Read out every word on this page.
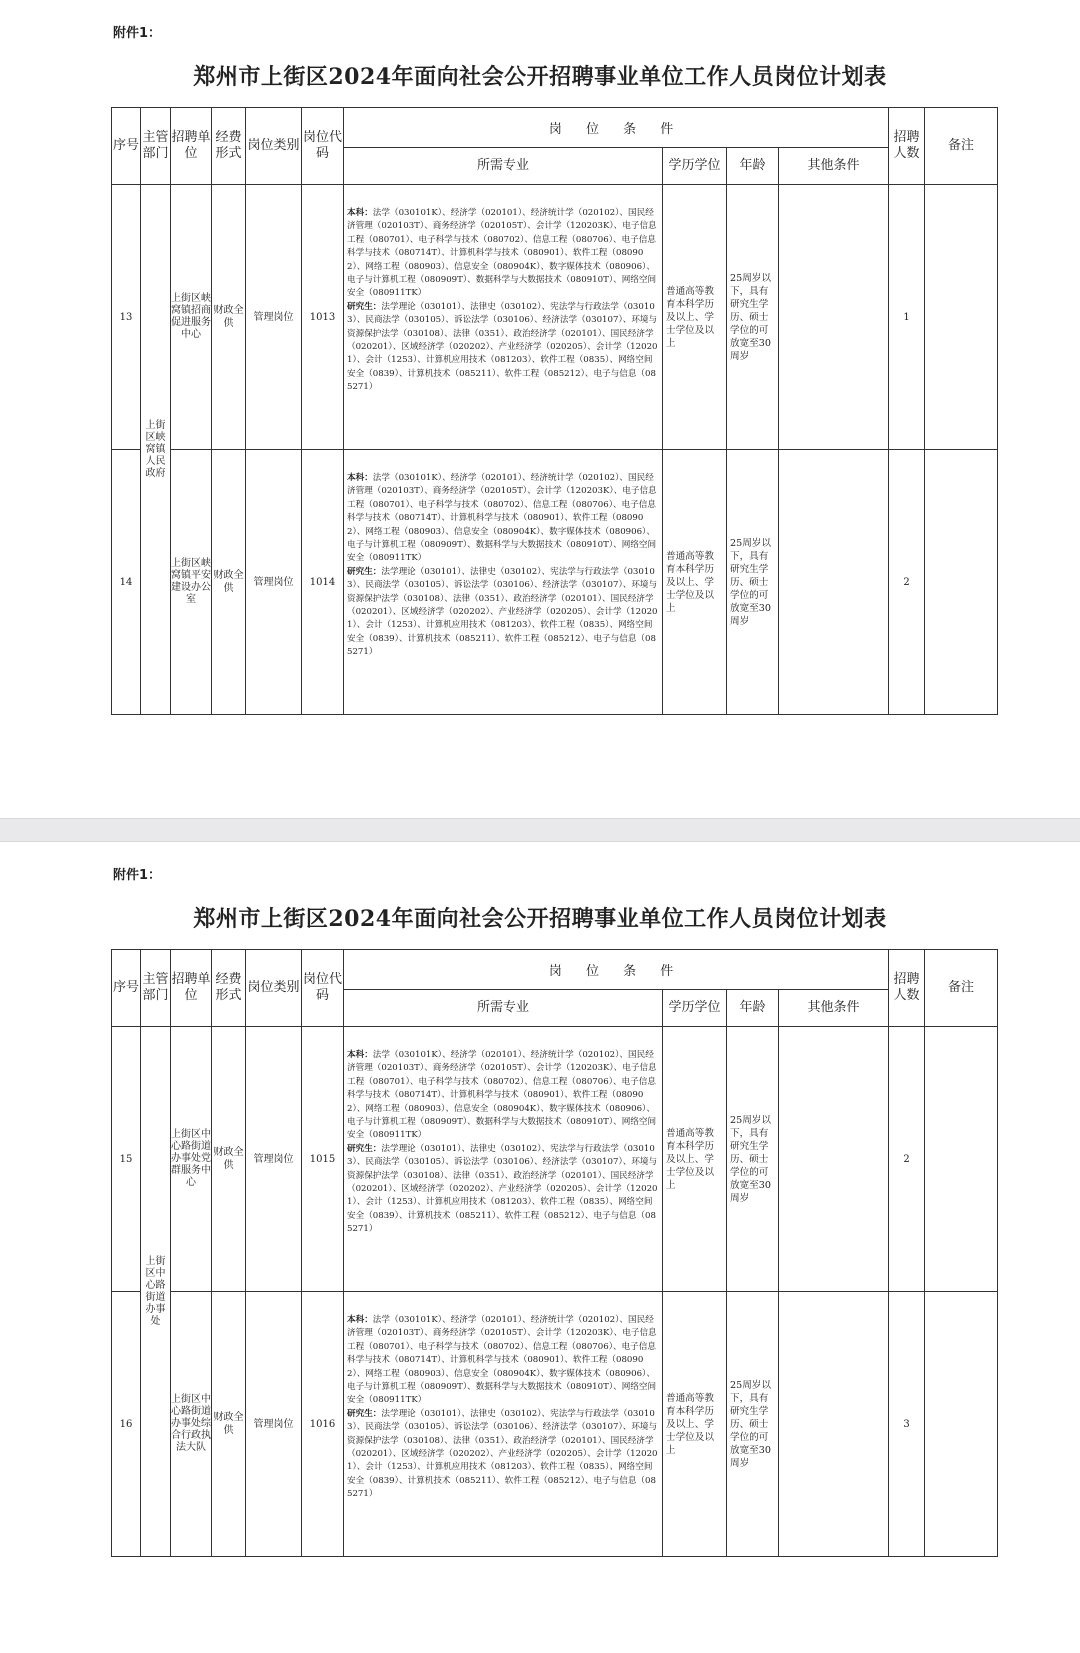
附件1：
郑州市上街区2024年面向社会公开招聘事业单位工作人员岗位计划表
序号	主管部门	招聘单位	经费形式	岗位类别	岗位代码	岗 位 条 件				招聘人数	备注
						所需专业	学历学位	年龄	其他条件		
13	上街区峡窝镇人民政府	上街区峡窝镇招商促进服务中心	财政全供	管理岗位	1013	本科：法学（030101K）、经济学（020101）、经济统计学（020102）、国民经济管理（020103T）、商务经济学（020105T）、会计学（120203K）、电子信息工程（080701）、电子科学与技术（080702）、信息工程（080706）、电子信息科学与技术（080714T）、计算机科学与技术（080901）、软件工程（080902）、网络工程（080903）、信息安全（080904K）、数字媒体技术（080906）、电子与计算机工程（080909T）、数据科学与大数据技术（080910T）、网络空间安全（080911TK）
研究生：法学理论（030101）、法律史（030102）、宪法学与行政法学（030103）、民商法学（030105）、诉讼法学（030106）、经济法学（030107）、环境与资源保护法学（030108）、法律（0351）、政治经济学（020101）、国民经济学（020201）、区域经济学（020202）、产业经济学（020205）、会计学（120201）、会计（1253）、计算机应用技术（081203）、软件工程（0835）、网络空间安全（0839）、计算机技术（085211）、软件工程（085212）、电子与信息（085271）	普通高等教育本科学历及以上、学士学位及以上	25周岁以下，具有研究生学历、硕士学位的可放宽至30周岁		1	
14		上街区峡窝镇平安建设办公室	财政全供	管理岗位	1014	本科：法学（030101K）、经济学（020101）、经济统计学（020102）、国民经济管理（020103T）、商务经济学（020105T）、会计学（120203K）、电子信息工程（080701）、电子科学与技术（080702）、信息工程（080706）、电子信息科学与技术（080714T）、计算机科学与技术（080901）、软件工程（080902）、网络工程（080903）、信息安全（080904K）、数字媒体技术（080906）、电子与计算机工程（080909T）、数据科学与大数据技术（080910T）、网络空间安全（080911TK）
研究生：法学理论（030101）、法律史（030102）、宪法学与行政法学（030103）、民商法学（030105）、诉讼法学（030106）、经济法学（030107）、环境与资源保护法学（030108）、法律（0351）、政治经济学（020101）、国民经济学（020201）、区域经济学（020202）、产业经济学（020205）、会计学（120201）、会计（1253）、计算机应用技术（081203）、软件工程（0835）、网络空间安全（0839）、计算机技术（085211）、软件工程（085212）、电子与信息（085271）	普通高等教育本科学历及以上、学士学位及以上	25周岁以下，具有研究生学历、硕士学位的可放宽至30周岁		2	
附件1：
郑州市上街区2024年面向社会公开招聘事业单位工作人员岗位计划表
序号	主管部门	招聘单位	经费形式	岗位类别	岗位代码	岗 位 条 件				招聘人数	备注
						所需专业	学历学位	年龄	其他条件		
15	上街区中心路街道办事处	上街区中心路街道办事处党群服务中心	财政全供	管理岗位	1015	本科：法学（030101K）、经济学（020101）、经济统计学（020102）、国民经济管理（020103T）、商务经济学（020105T）、会计学（120203K）、电子信息工程（080701）、电子科学与技术（080702）、信息工程（080706）、电子信息科学与技术（080714T）、计算机科学与技术（080901）、软件工程（080902）、网络工程（080903）、信息安全（080904K）、数字媒体技术（080906）、电子与计算机工程（080909T）、数据科学与大数据技术（080910T）、网络空间安全（080911TK）
研究生：法学理论（030101）、法律史（030102）、宪法学与行政法学（030103）、民商法学（030105）、诉讼法学（030106）、经济法学（030107）、环境与资源保护法学（030108）、法律（0351）、政治经济学（020101）、国民经济学（020201）、区域经济学（020202）、产业经济学（020205）、会计学（120201）、会计（1253）、计算机应用技术（081203）、软件工程（0835）、网络空间安全（0839）、计算机技术（085211）、软件工程（085212）、电子与信息（085271）	普通高等教育本科学历及以上、学士学位及以上	25周岁以下，具有研究生学历、硕士学位的可放宽至30周岁		2	
16		上街区中心路街道办事处综合行政执法大队	财政全供	管理岗位	1016	本科：法学（030101K）、经济学（020101）、经济统计学（020102）、国民经济管理（020103T）、商务经济学（020105T）、会计学（120203K）、电子信息工程（080701）、电子科学与技术（080702）、信息工程（080706）、电子信息科学与技术（080714T）、计算机科学与技术（080901）、软件工程（080902）、网络工程（080903）、信息安全（080904K）、数字媒体技术（080906）、电子与计算机工程（080909T）、数据科学与大数据技术（080910T）、网络空间安全（080911TK）
研究生：法学理论（030101）、法律史（030102）、宪法学与行政法学（030103）、民商法学（030105）、诉讼法学（030106）、经济法学（030107）、环境与资源保护法学（030108）、法律（0351）、政治经济学（020101）、国民经济学（020201）、区域经济学（020202）、产业经济学（020205）、会计学（120201）、会计（1253）、计算机应用技术（081203）、软件工程（0835）、网络空间安全（0839）、计算机技术（085211）、软件工程（085212）、电子与信息（085271）	普通高等教育本科学历及以上、学士学位及以上	25周岁以下，具有研究生学历、硕士学位的可放宽至30周岁		3	
